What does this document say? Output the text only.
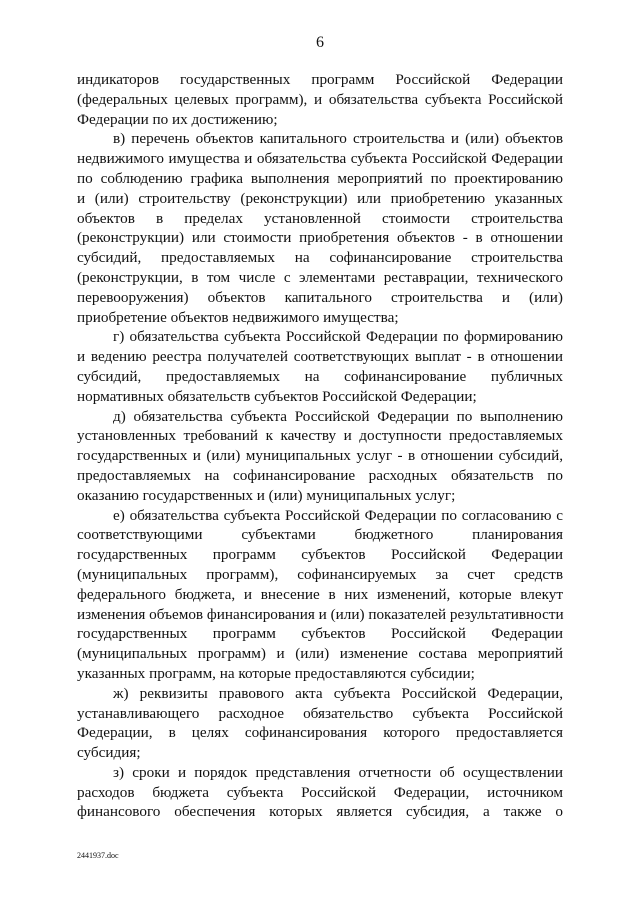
6

индикаторов государственных программ Российской Федерации
(федеральных целевых программ), и обязательства субъекта Российской
Федерации по их достижению;

в) перечень объектов капитального строительства и (или) объектов
недвижимого имущества и обязательства субъекта Российской Федерации
по соблюдению графика выполнения мероприятий по проектированию
и (или) строительству (реконструкции) или приобретению указанных
объектов в пределах установленной стоимости строительства
(реконструкции) или стоимости приобретения объектов - в отношении
субсидий, предоставляемых на софинансирование строительства
(реконструкции, в том числе с элементами реставрации, технического
перевооружения) объектов капитального строительства и (или)
приобретение объектов недвижимого имущества;

г) обязательства субъекта Российской Федерации по формированию
и ведению реестра получателей соответствующих выплат - в отношении
субсидий, предоставляемых на софинансирование публичных
нормативных обязательств субъектов Российской Федерации;

д) обязательства субъекта Российской Федерации по выполнению
установленных требований к качеству и доступности предоставляемых
государственных и (или) муниципальных услуг - в отношении субсидий,
предоставляемых на софинансирование расходных обязательств по
оказанию государственных и (или) муниципальных услуг;

е) обязательства субъекта Российской Федерации по согласованию с
соответствующими субъектами бюджетного планирования
государственных программ субъектов Российской Федерации
(муниципальных программ), софинансируемых за счет средств
федерального бюджета, и внесение в них изменений, которые влекут
изменения объемов финансирования и (или) показателей результативности
государственных программ субъектов Российской Федерации
(муниципальных программ) и (или) изменение состава мероприятий
указанных программ, на которые предоставляются субсидии;

ж) реквизиты правового акта субъекта Российской Федерации,
устанавливающего расходное обязательство субъекта Российской
Федерации, в целях софинансирования которого предоставляется
субсидия;

з) сроки и порядок представления отчетности об осуществлении
расходов бюджета субъекта Российской Федерации, источником
финансового обеспечения которых является субсидия, а также о

2441937.doc
